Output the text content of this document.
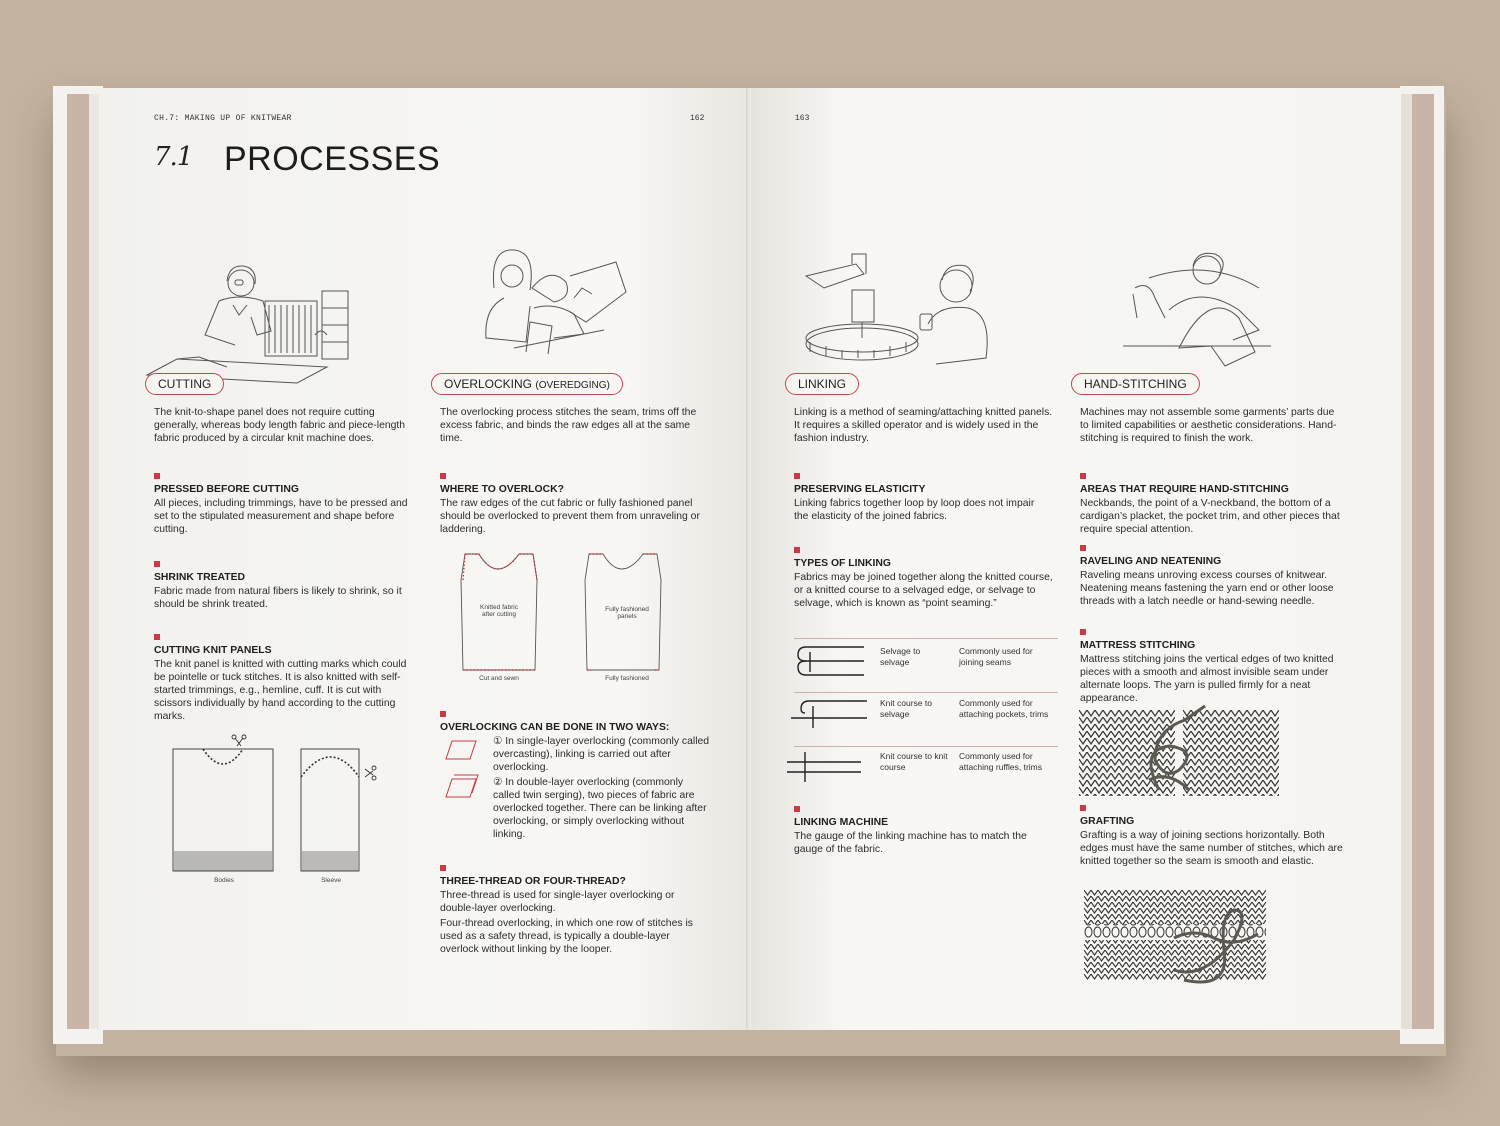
CH.7: MAKING UP OF KNITWEAR	162
7.1 PROCESSES
CUTTING
The knit-to-shape panel does not require cutting generally, whereas body length fabric and piece-length fabric produced by a circular knit machine does.
PRESSED BEFORE CUTTING
All pieces, including trimmings, have to be pressed and set to the stipulated measurement and shape before cutting.
SHRINK TREATED
Fabric made from natural fibers is likely to shrink, so it should be shrink treated.
CUTTING KNIT PANELS
The knit panel is knitted with cutting marks which could be pointelle or tuck stitches. It is also knitted with self-started trimmings, e.g., hemline, cuff. It is cut with scissors individually by hand according to the cutting marks.
Bodies	Sleeve
OVERLOCKING (OVEREDGING)
The overlocking process stitches the seam, trims off the excess fabric, and binds the raw edges all at the same time.
WHERE TO OVERLOCK?
The raw edges of the cut fabric or fully fashioned panel should be overlocked to prevent them from unraveling or laddering.
Knitted fabric after cutting
Cut and sewn
Fully fashioned panels
Fully fashioned
OVERLOCKING CAN BE DONE IN TWO WAYS:
① In single-layer overlocking (commonly called overcasting), linking is carried out after overlocking.
② In double-layer overlocking (commonly called twin serging), two pieces of fabric are overlocked together. There can be linking after overlocking, or simply overlocking without linking.
THREE-THREAD OR FOUR-THREAD?
Three-thread is used for single-layer overlocking or double-layer overlocking.
Four-thread overlocking, in which one row of stitches is used as a safety thread, is typically a double-layer overlock without linking by the looper.
163
LINKING
Linking is a method of seaming/attaching knitted panels. It requires a skilled operator and is widely used in the fashion industry.
PRESERVING ELASTICITY
Linking fabrics together loop by loop does not impair the elasticity of the joined fabrics.
TYPES OF LINKING
Fabrics may be joined together along the knitted course, or a knitted course to a selvaged edge, or selvage to selvage, which is known as “point seaming.”
Selvage to selvage
Commonly used for joining seams
Knit course to selvage
Commonly used for attaching pockets, trims
Knit course to knit course
Commonly used for attaching ruffles, trims
LINKING MACHINE
The gauge of the linking machine has to match the gauge of the fabric.
HAND-STITCHING
Machines may not assemble some garments’ parts due to limited capabilities or aesthetic considerations. Hand-stitching is required to finish the work.
AREAS THAT REQUIRE HAND-STITCHING
Neckbands, the point of a V-neckband, the bottom of a cardigan’s placket, the pocket trim, and other pieces that require special attention.
RAVELING AND NEATENING
Raveling means unroving excess courses of knitwear. Neatening means fastening the yarn end or other loose threads with a latch needle or hand-sewing needle.
MATTRESS STITCHING
Mattress stitching joins the vertical edges of two knitted pieces with a smooth and almost invisible seam under alternate loops. The yarn is pulled firmly for a neat appearance.
GRAFTING
Grafting is a way of joining sections horizontally. Both edges must have the same number of stitches, which are knitted together so the seam is smooth and elastic.
